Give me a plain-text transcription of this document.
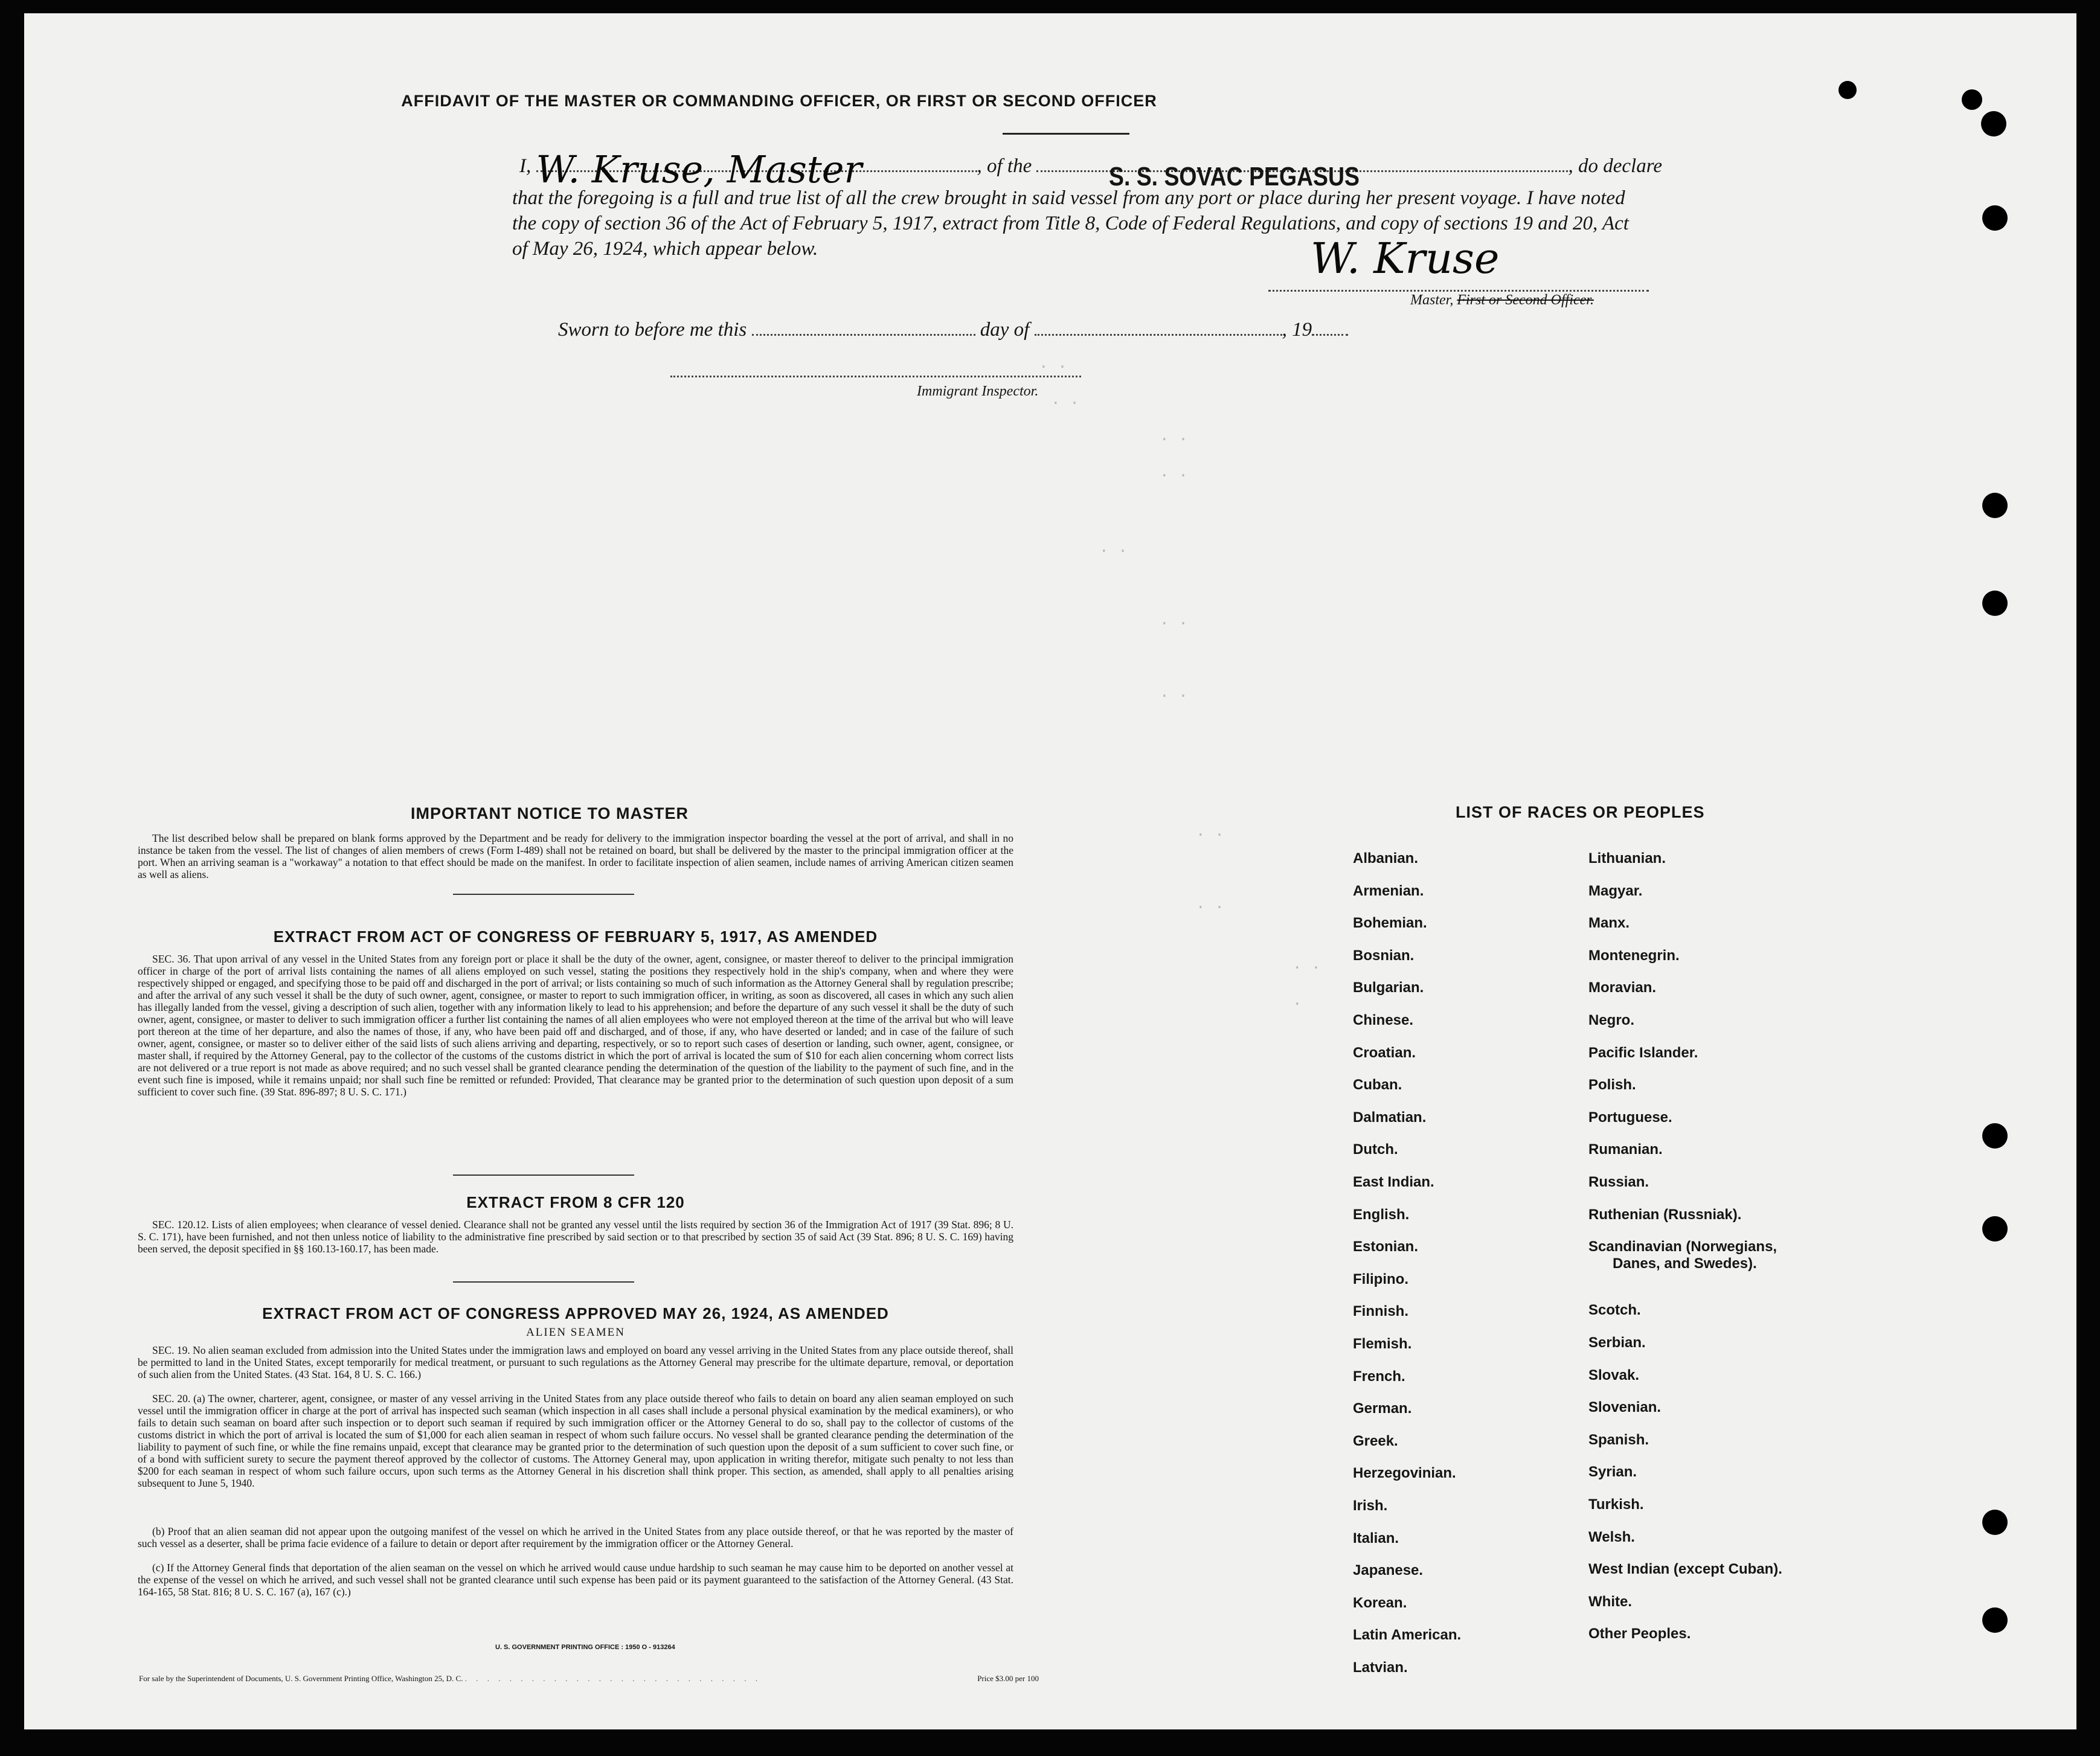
AFFIDAVIT OF THE MASTER OR COMMANDING OFFICER, OR FIRST OR SECOND OFFICER
I, W. Kruse, Master	, of the	S. S. SOVAC PEGASUS	, do declare
that the foregoing is a full and true list of all the crew brought in said vessel from any port or place during her present voyage. I have noted the copy of section 36 of the Act of February 5, 1917, extract from Title 8, Code of Federal Regulations, and copy of sections 19 and 20, Act of May 26, 1924, which appear below.	W. Kruse
Master, First or Second Officer.
Sworn to before me this	day of	, 19
Immigrant Inspector.
. .
. .
. .
. .
. .
. .
. .
. .
. .
. .
.
IMPORTANT NOTICE TO MASTER
The list described below shall be prepared on blank forms approved by the Department and be ready for delivery to the immigration inspector boarding the vessel at the port of arrival, and shall in no instance be taken from the vessel. The list of changes of alien members of crews (Form I-489) shall not be retained on board, but shall be delivered by the master to the principal immigration officer at the port. When an arriving seaman is a "workaway" a notation to that effect should be made on the manifest. In order to facilitate inspection of alien seamen, include names of arriving American citizen seamen as well as aliens.
EXTRACT FROM ACT OF CONGRESS OF FEBRUARY 5, 1917, AS AMENDED
SEC. 36. That upon arrival of any vessel in the United States from any foreign port or place it shall be the duty of the owner, agent, consignee, or master thereof to deliver to the principal immigration officer in charge of the port of arrival lists containing the names of all aliens employed on such vessel, stating the positions they respectively hold in the ship's company, when and where they were respectively shipped or engaged, and specifying those to be paid off and discharged in the port of arrival; or lists containing so much of such information as the Attorney General shall by regulation prescribe; and after the arrival of any such vessel it shall be the duty of such owner, agent, consignee, or master to report to such immigration officer, in writing, as soon as discovered, all cases in which any such alien has illegally landed from the vessel, giving a description of such alien, together with any information likely to lead to his apprehension; and before the departure of any such vessel it shall be the duty of such owner, agent, consignee, or master to deliver to such immigration officer a further list containing the names of all alien employees who were not employed thereon at the time of the arrival but who will leave port thereon at the time of her departure, and also the names of those, if any, who have been paid off and discharged, and of those, if any, who have deserted or landed; and in case of the failure of such owner, agent, consignee, or master so to deliver either of the said lists of such aliens arriving and departing, respectively, or so to report such cases of desertion or landing, such owner, agent, consignee, or master shall, if required by the Attorney General, pay to the collector of the customs of the customs district in which the port of arrival is located the sum of $10 for each alien concerning whom correct lists are not delivered or a true report is not made as above required; and no such vessel shall be granted clearance pending the determination of the question of the liability to the payment of such fine, and in the event such fine is imposed, while it remains unpaid; nor shall such fine be remitted or refunded: Provided, That clearance may be granted prior to the determination of such question upon deposit of a sum sufficient to cover such fine. (39 Stat. 896-897; 8 U. S. C. 171.)
EXTRACT FROM 8 CFR 120
SEC. 120.12. Lists of alien employees; when clearance of vessel denied. Clearance shall not be granted any vessel until the lists required by section 36 of the Immigration Act of 1917 (39 Stat. 896; 8 U. S. C. 171), have been furnished, and not then unless notice of liability to the administrative fine prescribed by said section or to that prescribed by section 35 of said Act (39 Stat. 896; 8 U. S. C. 169) having been served, the deposit specified in §§ 160.13-160.17, has been made.
EXTRACT FROM ACT OF CONGRESS APPROVED MAY 26, 1924, AS AMENDED
ALIEN SEAMEN
SEC. 19. No alien seaman excluded from admission into the United States under the immigration laws and employed on board any vessel arriving in the United States from any place outside thereof, shall be permitted to land in the United States, except temporarily for medical treatment, or pursuant to such regulations as the Attorney General may prescribe for the ultimate departure, removal, or deportation of such alien from the United States. (43 Stat. 164, 8 U. S. C. 166.)
SEC. 20. (a) The owner, charterer, agent, consignee, or master of any vessel arriving in the United States from any place outside thereof who fails to detain on board any alien seaman employed on such vessel until the immigration officer in charge at the port of arrival has inspected such seaman (which inspection in all cases shall include a personal physical examination by the medical examiners), or who fails to detain such seaman on board after such inspection or to deport such seaman if required by such immigration officer or the Attorney General to do so, shall pay to the collector of customs of the customs district in which the port of arrival is located the sum of $1,000 for each alien seaman in respect of whom such failure occurs. No vessel shall be granted clearance pending the determination of the liability to payment of such fine, or while the fine remains unpaid, except that clearance may be granted prior to the determination of such question upon the deposit of a sum sufficient to cover such fine, or of a bond with sufficient surety to secure the payment thereof approved by the collector of customs. The Attorney General may, upon application in writing therefor, mitigate such penalty to not less than $200 for each seaman in respect of whom such failure occurs, upon such terms as the Attorney General in his discretion shall think proper. This section, as amended, shall apply to all penalties arising subsequent to June 5, 1940.
(b) Proof that an alien seaman did not appear upon the outgoing manifest of the vessel on which he arrived in the United States from any place outside thereof, or that he was reported by the master of such vessel as a deserter, shall be prima facie evidence of a failure to detain or deport after requirement by the immigration officer or the Attorney General.
(c) If the Attorney General finds that deportation of the alien seaman on the vessel on which he arrived would cause undue hardship to such seaman he may cause him to be deported on another vessel at the expense of the vessel on which he arrived, and such vessel shall not be granted clearance until such expense has been paid or its payment guaranteed to the satisfaction of the Attorney General. (43 Stat. 164-165, 58 Stat. 816; 8 U. S. C. 167 (a), 167 (c).)
U. S. GOVERNMENT PRINTING OFFICE : 1950 O - 913264
For sale by the Superintendent of Documents, U. S. Government Printing Office, Washington 25, D. C. . . . . . . . . . . . . . . . . . . . . . . . . . . .	Price $3.00 per 100
LIST OF RACES OR PEOPLES
Albanian.
Armenian.
Bohemian.
Bosnian.
Bulgarian.
Chinese.
Croatian.
Cuban.
Dalmatian.
Dutch.
East Indian.
English.
Estonian.
Filipino.
Finnish.
Flemish.
French.
German.
Greek.
Herzegovinian.
Irish.
Italian.
Japanese.
Korean.
Latin American.
Latvian.
Lithuanian.
Magyar.
Manx.
Montenegrin.
Moravian.
Negro.
Pacific Islander.
Polish.
Portuguese.
Rumanian.
Russian.
Ruthenian (Russniak).
Scandinavian (Norwegians,
Danes, and Swedes).
Scotch.
Serbian.
Slovak.
Slovenian.
Spanish.
Syrian.
Turkish.
Welsh.
West Indian (except Cuban).
White.
Other Peoples.
